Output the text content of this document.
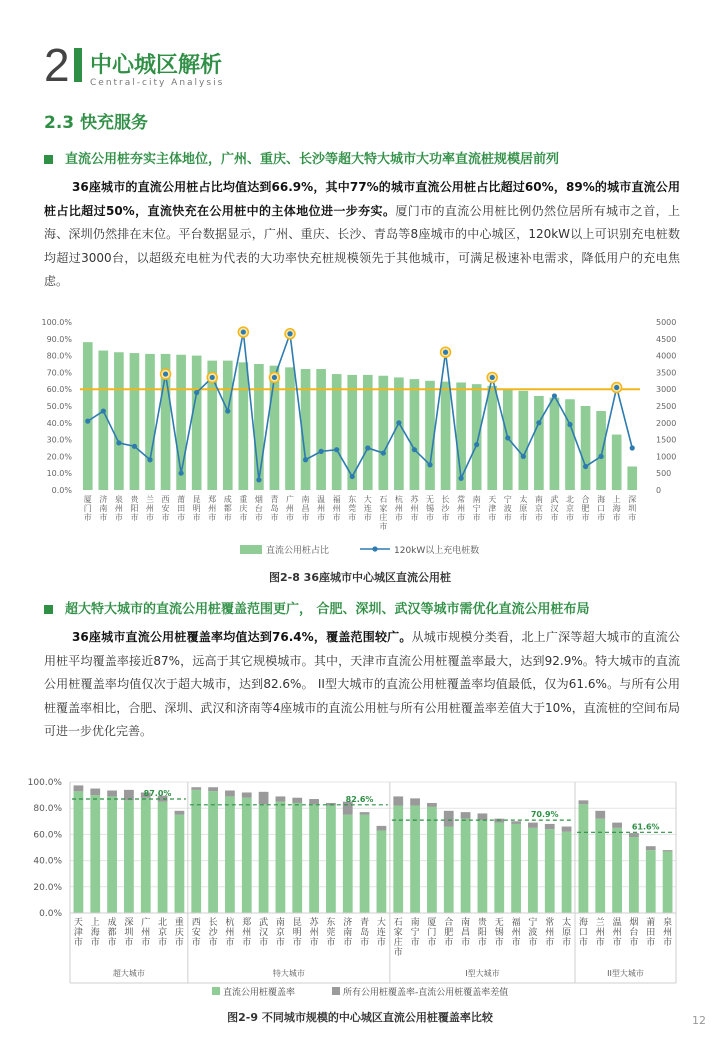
2 中心城区解析
Central-city Analysis
2.3 快充服务
直流公用桩夯实主体地位，广州、重庆、长沙等超大特大城市大功率直流桩规模居前列
36座城市的直流公用桩占比均值达到66.9%，其中77%的城市直流公用桩占比超过60%，89%的城市直流公用桩占比超过50%，直流快充在公用桩中的主体地位进一步夯实。厦门市的直流公用桩比例仍然位居所有城市之首，上海、深圳仍然排在末位。平台数据显示，广州、重庆、长沙、青岛等8座城市的中心城区，120kW以上可识别充电桩数均超过3000台，以超级充电桩为代表的大功率快充桩规模领先于其他城市，可满足极速补电需求，降低用户的充电焦虑。
0.0%
10.0%
20.0%
30.0%
40.0%
50.0%
60.0%
70.0%
80.0%
90.0%
100.0%
0
500
1000
1500
2000
2500
3000
3500
4000
4500
5000
厦
门
市
济
南
市
泉
州
市
贵
阳
市
兰
州
市
西
安
市
莆
田
市
昆
明
市
郑
州
市
成
都
市
重
庆
市
烟
台
市
青
岛
市
广
州
市
南
昌
市
温
州
市
福
州
市
东
莞
市
大
连
市
石
家
庄
市
杭
州
市
苏
州
市
无
锡
市
长
沙
市
常
州
市
南
宁
市
天
津
市
宁
波
市
太
原
市
南
京
市
武
汉
市
北
京
市
合
肥
市
海
口
市
上
海
市
深
圳
市
直流公用桩占比	120kW以上充电桩数
图2-8 36座城市中心城区直流公用桩
超大特大城市的直流公用桩覆盖范围更广， 合肥、深圳、武汉等城市需优化直流公用桩布局
36座城市直流公用桩覆盖率均值达到76.4%，覆盖范围较广。从城市规模分类看，北上广深等超大城市的直流公用桩平均覆盖率接近87%，远高于其它规模城市。其中，天津市直流公用桩覆盖率最大，达到92.9%。特大城市的直流公用桩覆盖率均值仅次于超大城市，达到82.6%。 II型大城市的直流公用桩覆盖率均值最低，仅为61.6%。与所有公用桩覆盖率相比，合肥、深圳、武汉和济南等4座城市的直流公用桩与所有公用桩覆盖率差值大于10%，直流桩的空间布局可进一步优化完善。
0.0%
20.0%
40.0%
60.0%
80.0%
100.0%
天
津
市
上
海
市
成
都
市
深
圳
市
广
州
市
北
京
市
重
庆
市
87.0%
超大城市
西
安
市
长
沙
市
杭
州
市
郑
州
市
武
汉
市
南
京
市
昆
明
市
苏
州
市
东
莞
市
济
南
市
青
岛
市
大
连
市
82.6%
特大城市
石
家
庄
市
南
宁
市
厦
门
市
合
肥
市
南
昌
市
贵
阳
市
无
锡
市
福
州
市
宁
波
市
常
州
市
太
原
市
70.9%
I型大城市
海
口
市
兰
州
市
温
州
市
烟
台
市
莆
田
市
泉
州
市
61.6%
II型大城市
直流公用桩覆盖率	所有公用桩覆盖率-直流公用桩覆盖率差值
图2-9 不同城市规模的中心城区直流公用桩覆盖率比较	12
